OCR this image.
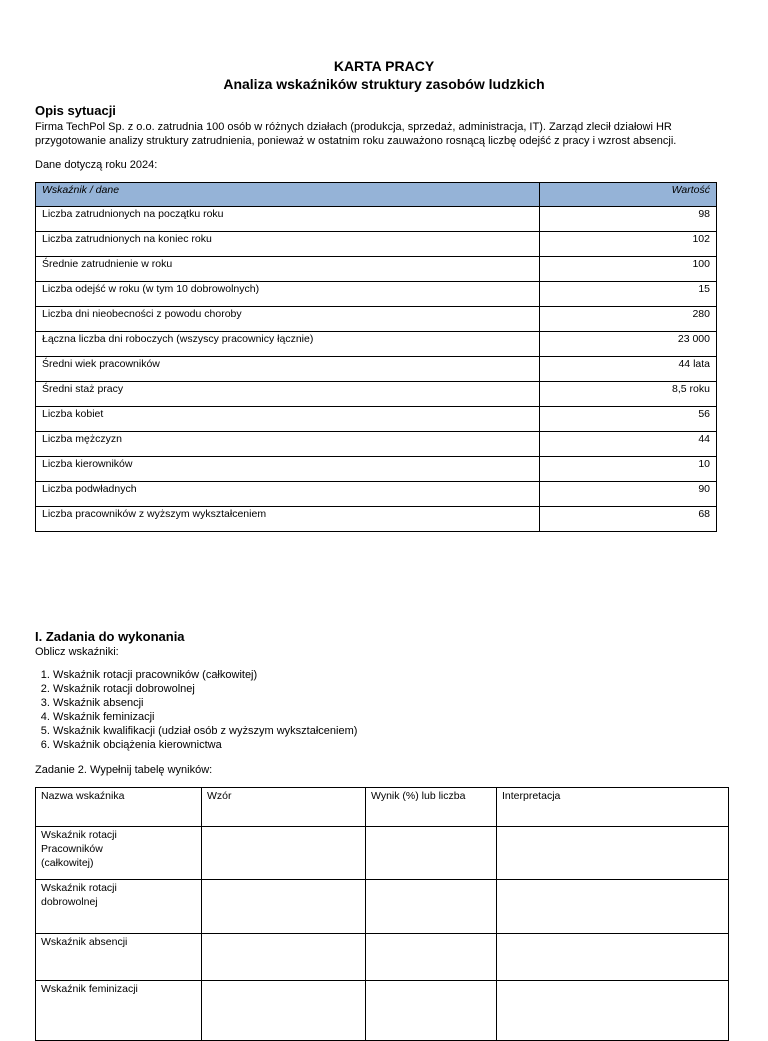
KARTA PRACY
Analiza wskaźników struktury zasobów ludzkich
Opis sytuacji
Firma TechPol Sp. z o.o. zatrudnia 100 osób w różnych działach (produkcja, sprzedaż, administracja, IT). Zarząd zlecił działowi HR przygotowanie analizy struktury zatrudnienia, ponieważ w ostatnim roku zauważono rosnącą liczbę odejść z pracy i wzrost absencji.
Dane dotyczą roku 2024:
Wskaźnik / dane	Wartość
Liczba zatrudnionych na początku roku	98
Liczba zatrudnionych na koniec roku	102
Średnie zatrudnienie w roku	100
Liczba odejść w roku (w tym 10 dobrowolnych)	15
Liczba dni nieobecności z powodu choroby	280
Łączna liczba dni roboczych (wszyscy pracownicy łącznie)	23 000
Średni wiek pracowników	44 lata
Średni staż pracy	8,5 roku
Liczba kobiet	56
Liczba mężczyzn	44
Liczba kierowników	10
Liczba podwładnych	90
Liczba pracowników z wyższym wykształceniem	68
I. Zadania do wykonania
Oblicz wskaźniki:
1. Wskaźnik rotacji pracowników (całkowitej)
2. Wskaźnik rotacji dobrowolnej
3. Wskaźnik absencji
4. Wskaźnik feminizacji
5. Wskaźnik kwalifikacji (udział osób z wyższym wykształceniem)
6. Wskaźnik obciążenia kierownictwa
Zadanie 2. Wypełnij tabelę wyników:
Nazwa wskaźnika	Wzór	Wynik (%) lub liczba	Interpretacja

Wskaźnik rotacji Pracowników (całkowitej)			

Wskaźnik rotacji dobrowolnej			

Wskaźnik absencji			
Wskaźnik feminizacji			
